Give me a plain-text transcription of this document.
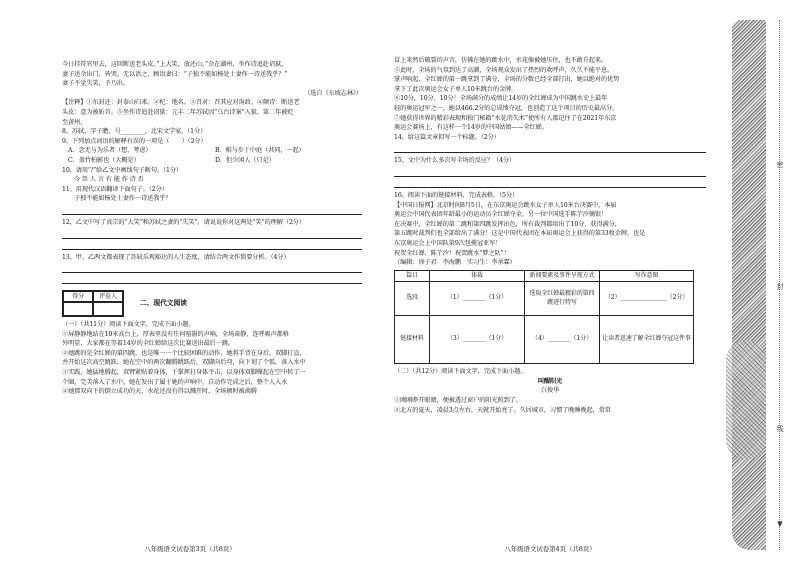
今日挂符官里去，这回断送老头皮。”上大笑，放还山。”余在湖州，坐作诗追赴诏狱，

妻子送余出门，皆哭。无以语之，顾语妻曰：“子独不能如杨处士妻作一诗送我乎？”

妻子不觉失笑，予乃出。

（选自《东坡志林》）

【注释】①东封还：封泰山归来。②杞：地名。③召对：召其应对询政。④颇诗：断送老

头皮：意为被斩首。⑤坐作诗追赴诏狱：元丰二年苏轼因“乌台诗案”入狱，第二年被贬

至黄州。

8、苏轼，字子瞻，号________，北宋文学家。（1分）

9、下列加点词语的解释有误的一项是（　　）（2分）

A．念无与为乐者（想，考虑）	B．相与步于中庭（共同，一起）

C．盖竹柏影也（大概是）	D．但少闲人（只是）

10、请用“/”给乙文中画线句子断句。（1分）

今 臣 人 言 有 能 作 诗 否

11、用现代汉语翻译下面句子。（2分）

子独不能如杨处士妻作一诗送我乎？

12、乙文中写了真宗的“大笑”和苏轼之妻的“失笑”，请说说你对这两处“笑”的理解（2分）

13、甲、乙两文都表现了苏轼乐观豁达的人生态度，请结合两文作简要分析。（4分）

得分	评卷人
二、现代文阅读

（一）（共11分）阅读下面文字，完成下面小题。

①屏静静地站在10米高台上，厚表里没有任何喧嚣的声响，全场肃静，连呼吸声都格

外明显，大家都在等着14岁的全红婵给这次比赛送出最后一跳。

②她跳的是全红婵的第四跳，也是唯一一个比较困难的动作，她将手背在身后，双脚打直，

并开始这次高空跳跃。她在空中的两次翻腾跳跃后，双脚向后弯，向下划了个弧，落入水中

③实践，她猛地腾起，双臂紧贴着身体，于掌挥打身体平击，以身体双脚撑起在空中转了一

个圈，完美落入了水中。她在发出了属于她的声响中，自动作完成之后，整个人入水

④她那双向下的倒立成功的天，水花还没有得以溅开时，全场顿时被沸腾

八年级语文试卷第3页（共8页）

冒上来然后破裂的声音，仿佛在她的跳水中，水花像被她压住，也不敢升起来。

⑤此时，全场的气氛到达了高潮，全场观众发出了热烈的欢呼声，久久不能平息。

掌声响起，全红婵的第一跳拿到了满分，全场的分数已经全部打出，她以绝对的优势

拿下了此次奥运会女子单人10米跳台的金牌。

⑥10分，10分，10分！全场满分的成绩让14岁的全红婵成为中国跳水史上最年

轻的奥运冠军之一，她以466.2分的总成绩夺冠，也创造了这个项目的历史最高分。

⑦她获得世界的精彩表现和独门秘籍“水花消失术”使所有人都记住了在2021年东京

奥运会赛场上，有这样一个14岁的中国姑娘——全红婵。

14、给这篇文章拟写一个标题。（2分）

15、文中为什么多次写全场的反应？（4分）

16、阅读下面的链接材料，完成表格。（5分）

【中国日报网】北京时间8月5日，在东京奥运会跳水女子单人10米台决赛中，本届

奥运会中国代表团年龄最小的运动员全红婵夺金，另一位中国选手陈芋汐摘银！

在决赛中，全红婵的第二跳和第四跳发挥出色，所有裁判都给出了10分，获得满分，

第五跳时裁判们也全部给出了满分！这是中国代表团在本届奥运会上获得的第33枚金牌，也是

东京奥运会上中国队第9次包揽冠亚军！

祝贺全红婵、陈芋汐！祝贺跳水“梦之队”！

（编辑：徐子君　李海鹏　实习生：李承霖）

篇目	体裁	新闻要素及事件呈现方式	写作意图
选段	（1）________（1分）	选取全红婵最精彩的第四跳进行特写	（2）________________（2分）
链接材料	（3）________（1分）	（4）________（1分）	让读者迅速了解全红婵夺冠这件事

（二）（共12分）阅读下面文字，完成下面小题。

叫醒阳光

白俊华

①刚刚睁开眼睛，便被透过窗户的阳光照到了。

②北方的夏天，凌晨3点左右，天就开始亮了。久居城市，习惯了晚睡晚起，常常

八年级语文试卷第4页（共8页）
密
封
线
▼
